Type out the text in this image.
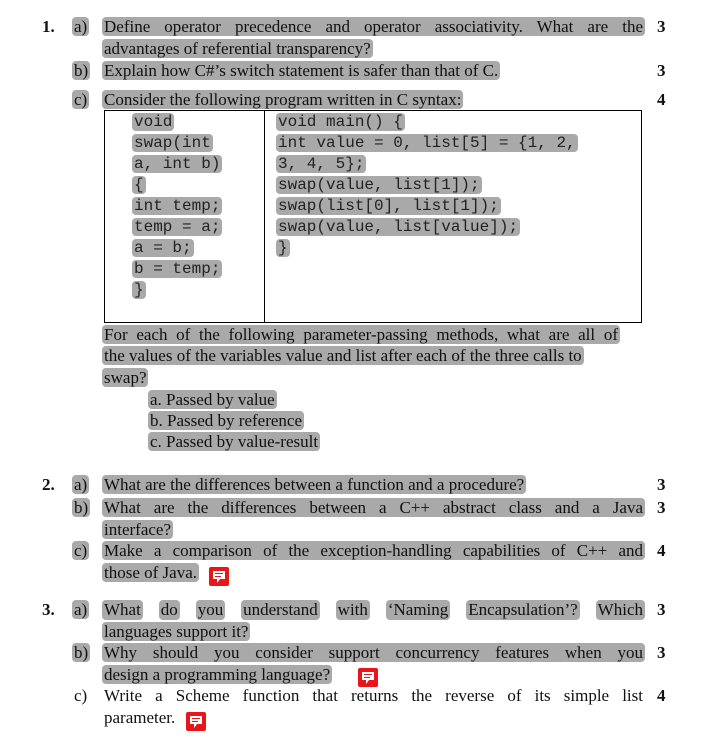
1. a) Define operator precedence and operator associativity. What are the
advantages of referential transparency?
3
b) Explain how C#’s switch statement is safer than that of C.	3
c) Consider the following program written in C syntax:	4
void
swap(int
a, int b)
{
int temp;
temp = a;
a = b;
b = temp;
}
void main() {
int value = 0, list[5] = {1, 2,
3, 4, 5};
swap(value, list[1]);
swap(list[0], list[1]);
swap(value, list[value]);
}
For each of the following parameter-passing methods, what are all of
the values of the variables value and list after each of the three calls to
swap?
a. Passed by value
b. Passed by reference
c. Passed by value-result
2. a) What are the differences between a function and a procedure?	3
b) What are the differences between a C++ abstract class and a Java
interface?
3
c) Make a comparison of the exception-handling capabilities of C++ and
those of Java.
4
3. a) What do you understand with ‘Naming Encapsulation’? Which
languages support it?
3
b) Why should you consider support concurrency features when you
design a programming language?
3
c) Write a Scheme function that returns the reverse of its simple list
parameter.
4
